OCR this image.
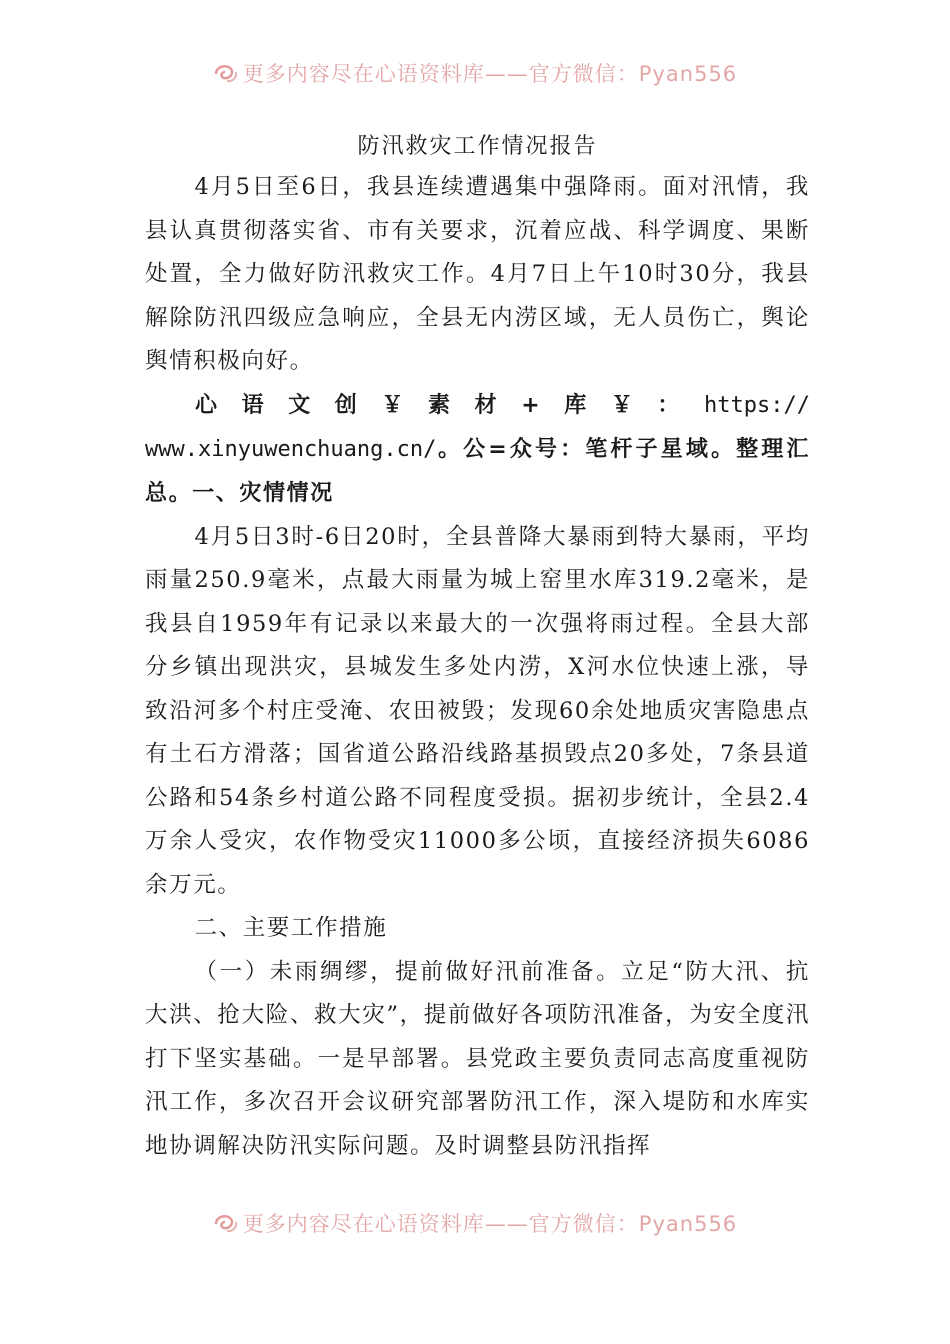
更多内容尽在心语资料库——官方微信：Pyan556
防汛救灾工作情况报告

4月5日至6日，我县连续遭遇集中强降雨。面对汛情，我县认真贯彻落实省、市有关要求，沉着应战、科学调度、果断处置，全力做好防汛救灾工作。4月7日上午10时30分，我县解除防汛四级应急响应，全县无内涝区域，无人员伤亡，舆论舆情积极向好。

心语文创￥素材+库￥：https:// www.xinyuwenchuang.cn/。公=众号：笔杆子星域。整理汇总。一、灾情情况

4月5日3时-6日20时，全县普降大暴雨到特大暴雨，平均雨量250.9毫米，点最大雨量为城上窑里水库319.2毫米，是我县自1959年有记录以来最大的一次强将雨过程。全县大部分乡镇出现洪灾，县城发生多处内涝，X河水位快速上涨，导致沿河多个村庄受淹、农田被毁；发现60余处地质灾害隐患点有土石方滑落；国省道公路沿线路基损毁点20多处，7条县道公路和54条乡村道公路不同程度受损。据初步统计，全县2.4万余人受灾，农作物受灾11000多公顷，直接经济损失6086余万元。

二、主要工作措施

（一）未雨绸缪，提前做好汛前准备。立足“防大汛、抗大洪、抢大险、救大灾”，提前做好各项防汛准备，为安全度汛打下坚实基础。一是早部署。县党政主要负责同志高度重视防汛工作，多次召开会议研究部署防汛工作，深入堤防和水库实地协调解决防汛实际问题。及时调整县防汛指挥

更多内容尽在心语资料库——官方微信：Pyan556
